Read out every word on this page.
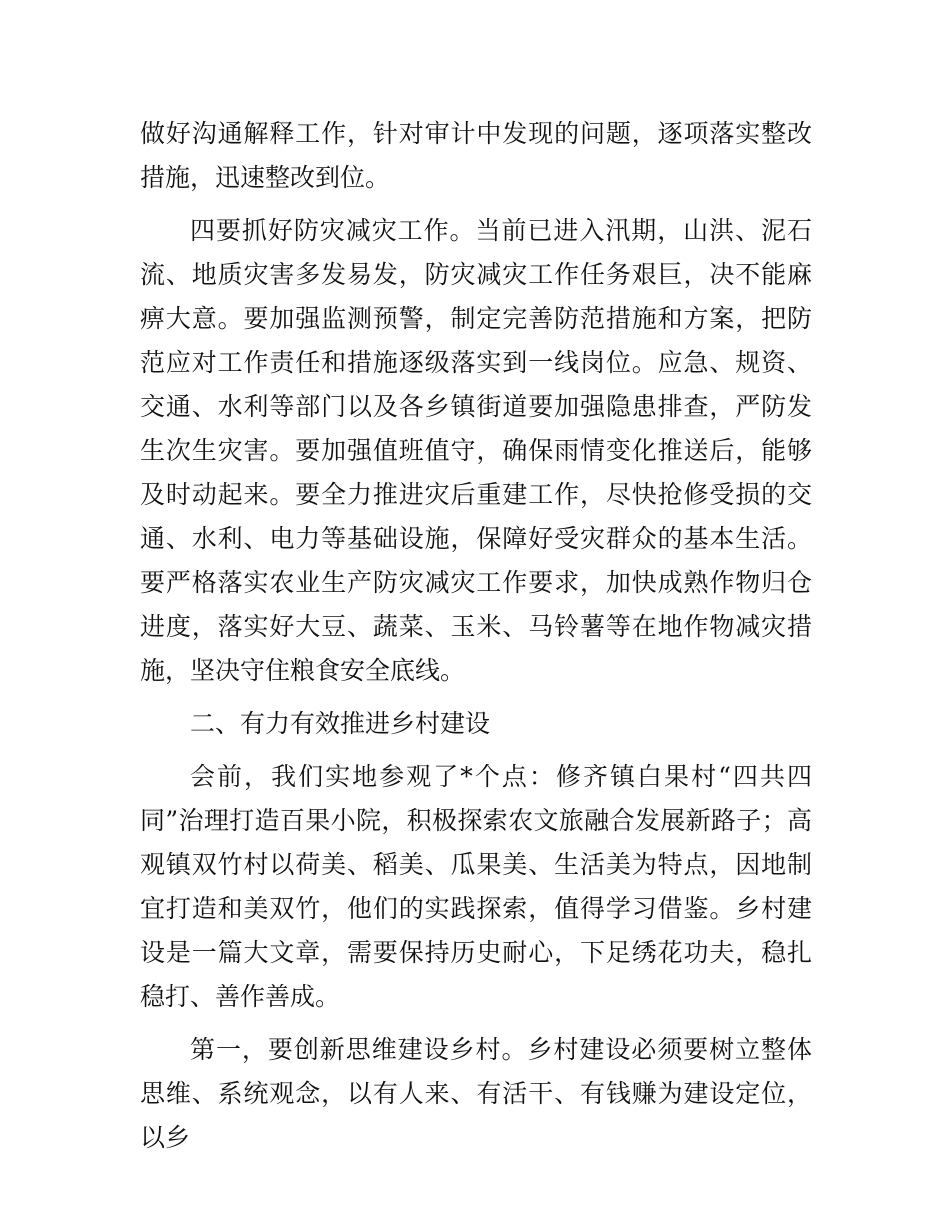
做好沟通解释工作，针对审计中发现的问题，逐项落实整改措施，迅速整改到位。

四要抓好防灾减灾工作。当前已进入汛期，山洪、泥石流、地质灾害多发易发，防灾减灾工作任务艰巨，决不能麻痹大意。要加强监测预警，制定完善防范措施和方案，把防范应对工作责任和措施逐级落实到一线岗位。应急、规资、交通、水利等部门以及各乡镇街道要加强隐患排查，严防发生次生灾害。要加强值班值守，确保雨情变化推送后，能够及时动起来。要全力推进灾后重建工作，尽快抢修受损的交通、水利、电力等基础设施，保障好受灾群众的基本生活。要严格落实农业生产防灾减灾工作要求，加快成熟作物归仓进度，落实好大豆、蔬菜、玉米、马铃薯等在地作物减灾措施，坚决守住粮食安全底线。

二、有力有效推进乡村建设

会前，我们实地参观了*个点：修齐镇白果村“四共四同”治理打造百果小院，积极探索农文旅融合发展新路子；高观镇双竹村以荷美、稻美、瓜果美、生活美为特点，因地制宜打造和美双竹，他们的实践探索，值得学习借鉴。乡村建设是一篇大文章，需要保持历史耐心，下足绣花功夫，稳扎稳打、善作善成。

第一，要创新思维建设乡村。乡村建设必须要树立整体思维、系统观念，以有人来、有活干、有钱赚为建设定位，以乡
